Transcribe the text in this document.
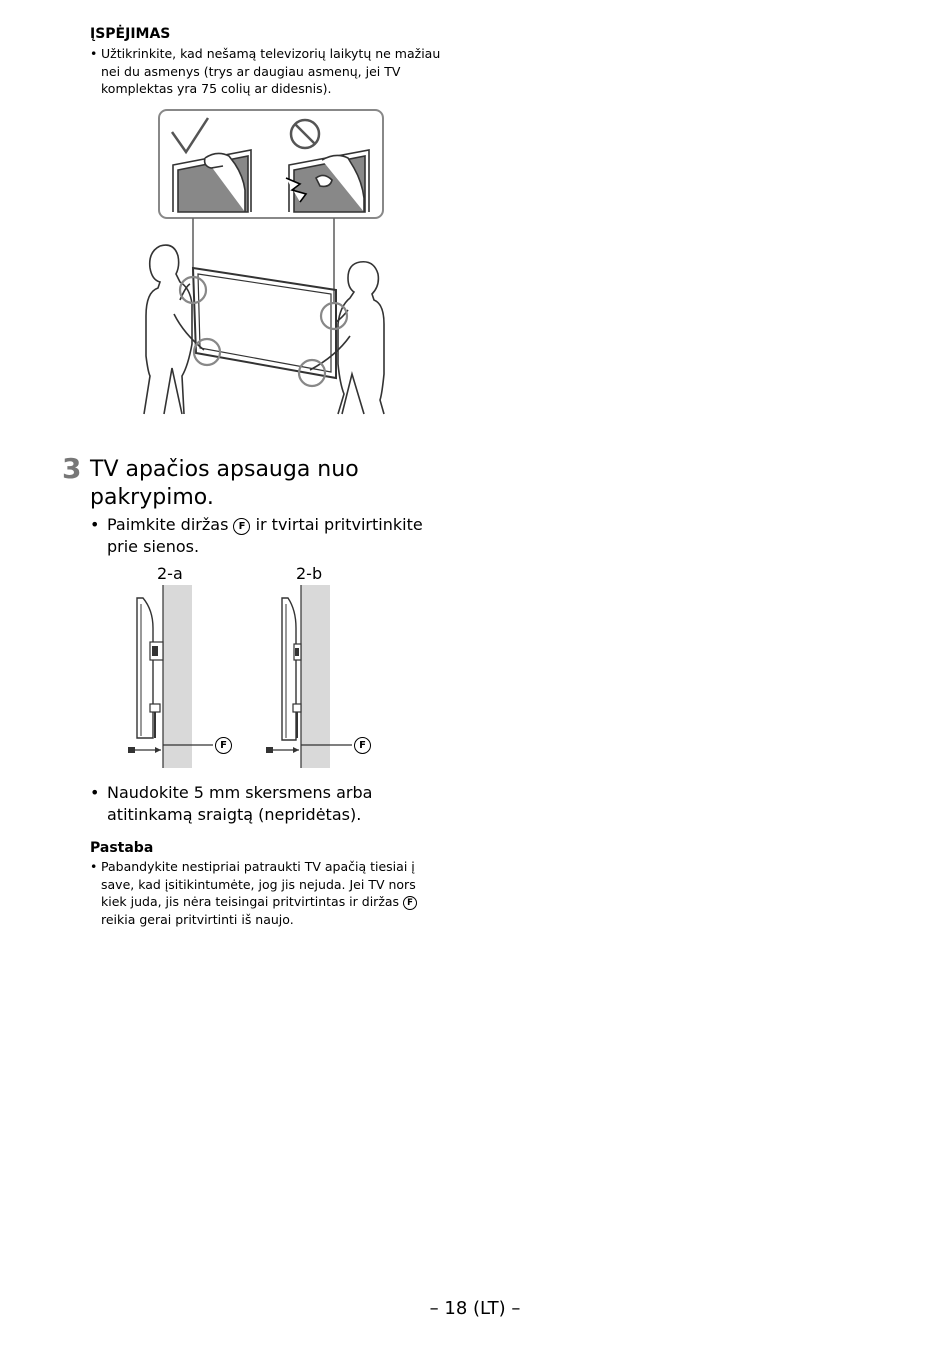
ĮSPĖJIMAS
• Užtikrinkite, kad nešamą televizorių laikytų ne mažiau nei du asmenys (trys ar daugiau asmenų, jei TV komplektas yra 75 colių ar didesnis).
3 TV apačios apsauga nuo pakrypimo.
• Paimkite diržas F ir tvirtai pritvirtinkite prie sienos.
2-a	2-b
F	F
• Naudokite 5 mm skersmens arba atitinkamą sraigtą (nepridėtas).
Pastaba
• Pabandykite nestipriai patraukti TV apačią tiesiai į save, kad įsitikintumėte, jog jis nejuda. Jei TV nors kiek juda, jis nėra teisingai pritvirtintas ir diržas F reikia gerai pritvirtinti iš naujo.
– 18 (LT) –
